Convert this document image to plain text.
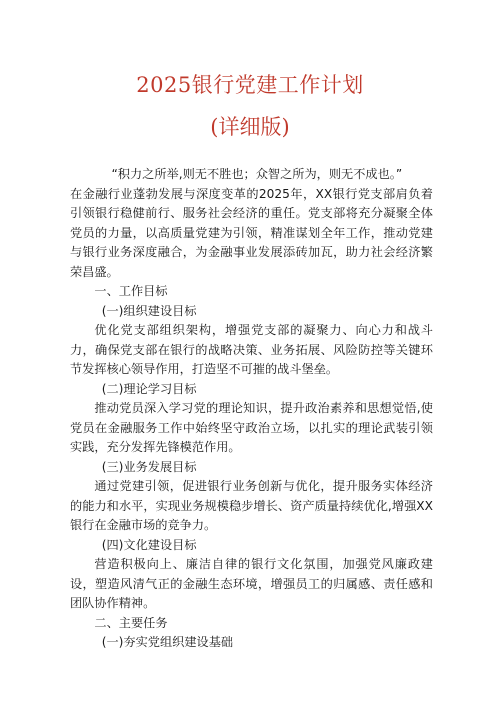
2025银行党建工作计划
(详细版)

“积力之所举,则无不胜也；众智之所为，则无不成也。”

在金融行业蓬勃发展与深度变革的2025年，XX银行党支部肩负着引领银行稳健前行、服务社会经济的重任。党支部将充分凝聚全体党员的力量，以高质量党建为引领，精准谋划全年工作，推动党建与银行业务深度融合，为金融事业发展添砖加瓦，助力社会经济繁荣昌盛。

一、工作目标

(一)组织建设目标

优化党支部组织架构，增强党支部的凝聚力、向心力和战斗力，确保党支部在银行的战略决策、业务拓展、风险防控等关键环节发挥核心领导作用，打造坚不可摧的战斗堡垒。

(二)理论学习目标

推动党员深入学习党的理论知识，提升政治素养和思想觉悟,使党员在金融服务工作中始终坚守政治立场，以扎实的理论武装引领实践，充分发挥先锋模范作用。

(三)业务发展目标

通过党建引领，促进银行业务创新与优化，提升服务实体经济的能力和水平，实现业务规模稳步增长、资产质量持续优化,增强XX银行在金融市场的竞争力。

(四)文化建设目标

营造积极向上、廉洁自律的银行文化氛围，加强党风廉政建设，塑造风清气正的金融生态环境，增强员工的归属感、责任感和团队协作精神。

二、主要任务

(一)夯实党组织建设基础
